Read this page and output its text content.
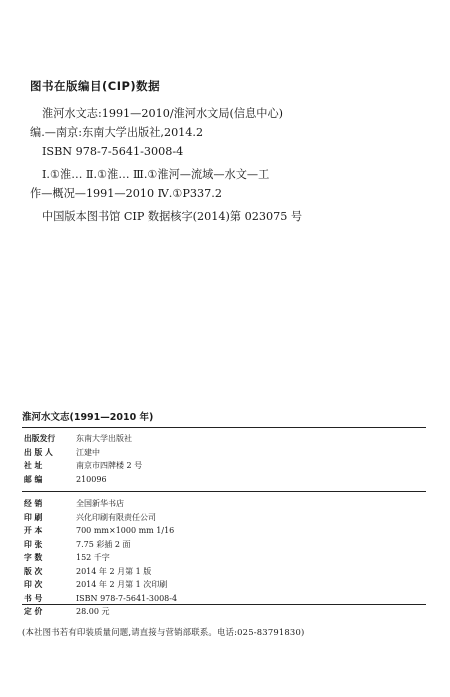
图书在版编目(CIP)数据
淮河水文志:1991—2010/淮河水文局(信息中心)
编.—南京:东南大学出版社,2014.2
ISBN 978-7-5641-3008-4
Ⅰ.①淮… Ⅱ.①淮… Ⅲ.①淮河—流域—水文—工
作—概况—1991—2010 Ⅳ.①P337.2
中国版本图书馆 CIP 数据核字(2014)第 023075 号
淮河水文志(1991—2010 年)
出版发行	东南大学出版社
出 版 人	江建中
社 址	南京市四牌楼 2 号
邮 编	210096
经 销	全国新华书店
印 刷	兴化印刷有限责任公司
开 本	700 mm×1000 mm 1/16
印 张	7.75 彩插 2 面
字 数	152 千字
版 次	2014 年 2 月第 1 版
印 次	2014 年 2 月第 1 次印刷
书 号	ISBN 978-7-5641-3008-4
定 价	28.00 元
(本社图书若有印装质量问题,请直接与营销部联系。电话:025-83791830)
